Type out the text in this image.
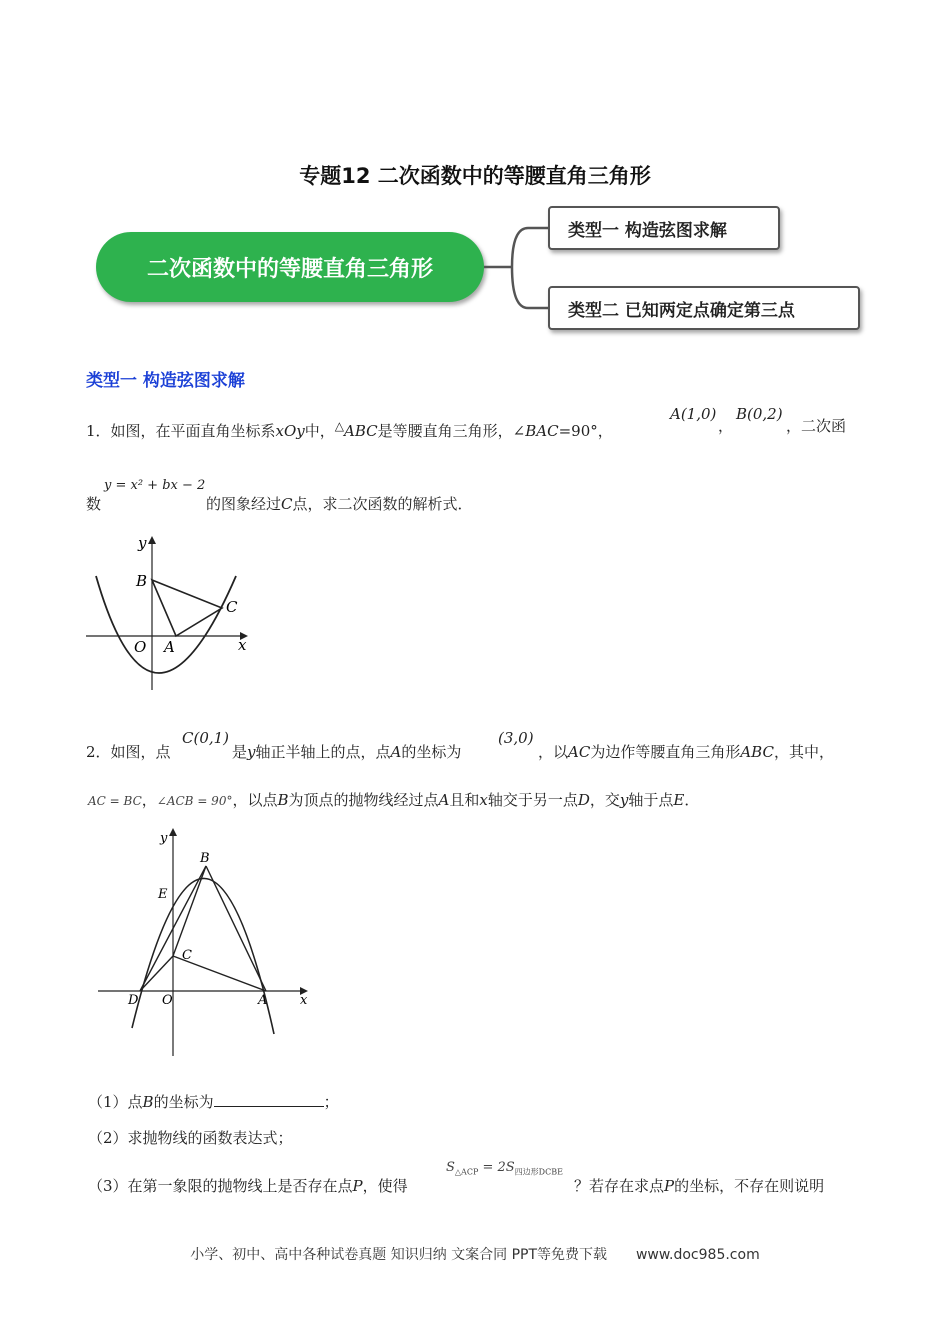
专题12 二次函数中的等腰直角三角形
二次函数中的等腰直角三角形
类型一 构造弦图求解
类型二 已知两定点确定第三点
类型一 构造弦图求解
1．如图，在平面直角坐标系xOy中，△ABC是等腰直角三角形，∠BAC=90°，
A(1,0)
，
B(0,2)
，二次函
数
y = x² + bx − 2
的图象经过C点，求二次函数的解析式．
y
x
B
C
O A
2．如图，点
C(0,1)
是y轴正半轴上的点，点A的坐标为
(3,0)
，以AC为边作等腰直角三角形ABC，其中，
AC = BC，∠ACB = 90°，以点B为顶点的抛物线经过点A且和x轴交于另一点D，交y轴于点E．
y
x
B
E
C
D O	A
（1）点B的坐标为	；
（2）求抛物线的函数表达式；
（3）在第一象限的抛物线上是否存在点P，使得
$S_{\triangle ACP} = 2S_{四边形DCBE}$
？若存在求点P的坐标，不存在则说明
小学、初中、高中各种试卷真题 知识归纳 文案合同 PPT等免费下载 www.doc985.com
